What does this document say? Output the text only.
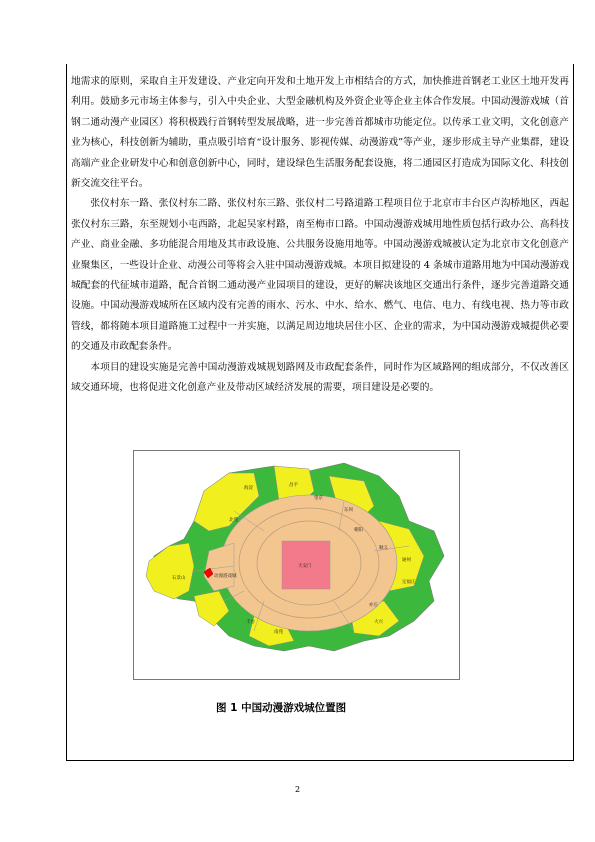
地需求的原则，采取自主开发建设、产业定向开发和土地开发上市相结合的方式，加快推进首钢老工业区土地开发再利用。鼓励多元市场主体参与，引入中央企业、大型金融机构及外资企业等企业主体合作发展。中国动漫游戏城（首钢二通动漫产业园区）将积极践行首钢转型发展战略，进一步完善首都城市功能定位。以传承工业文明，文化创意产业为核心，科技创新为辅助，重点吸引培育“设计服务、影视传媒、动漫游戏”等产业，逐步形成主导产业集群，建设高端产业企业研发中心和创意创新中心，同时，建设绿色生活服务配套设施，将二通园区打造成为国际文化、科技创新交流交往平台。

张仪村东一路、张仪村东二路、张仪村东三路、张仪村二号路道路工程项目位于北京市丰台区卢沟桥地区，西起张仪村东三路，东至规划小屯西路，北起吴家村路，南至梅市口路。中国动漫游戏城用地性质包括行政办公、高科技产业、商业金融、多功能混合用地及其市政设施、公共服务设施用地等。中国动漫游戏城被认定为北京市文化创意产业聚集区，一些设计企业、动漫公司等将会入驻中国动漫游戏城。本项目拟建设的 4 条城市道路用地为中国动漫游戏城配套的代征城市道路，配合首钢二通动漫产业园项目的建设，更好的解决该地区交通出行条件，逐步完善道路交通设施。中国动漫游戏城所在区域内没有完善的雨水、污水、中水、给水、燃气、电信、电力、有线电视、热力等市政管线，都将随本项目道路施工过程中一并实施，以满足周边地块居住小区、企业的需求，为中国动漫游戏城提供必要的交通及市政配套条件。

本项目的建设实施是完善中国动漫游戏城规划路网及市政配套条件，同时作为区域路网的组成部分，不仅改善区域交通环境，也将促进文化创意产业及带动区域经济发展的需要，项目建设是必要的。

天安门
石景山
海淀
昌平
丰台	大兴
通州
朝阳
顺义
东坝
定福庄
亦庄
南苑
北苑
望京
动漫游戏城
图 1 中国动漫游戏城位置图
2
